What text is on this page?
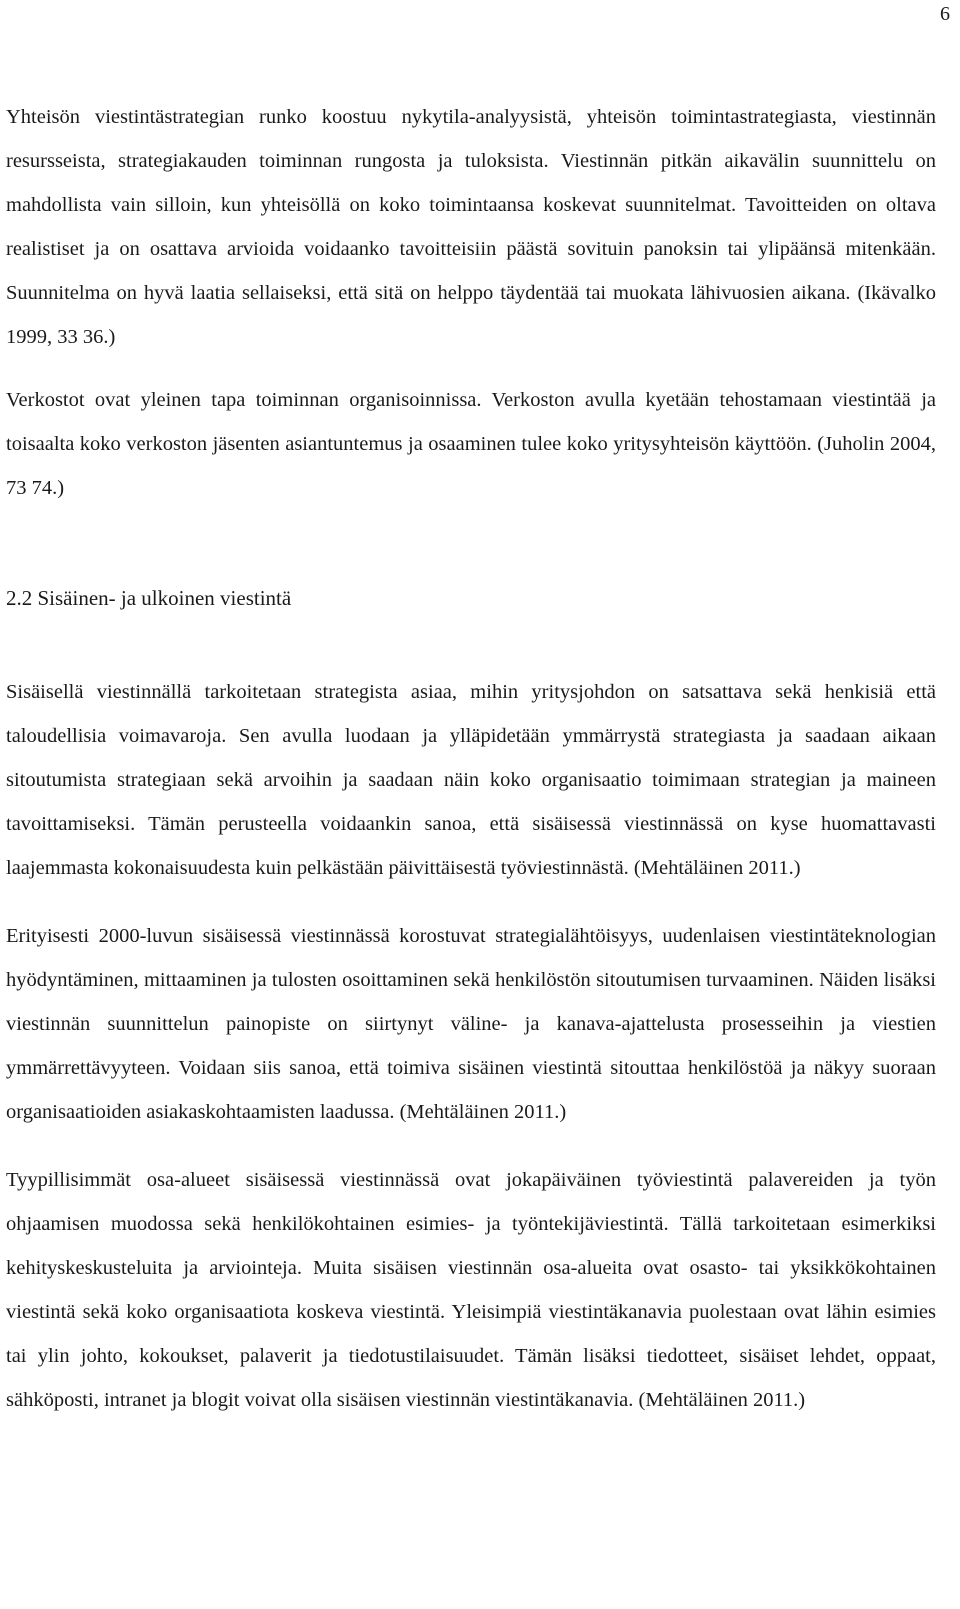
6

Yhteisön viestintästrategian runko koostuu nykytila-analyysistä, yhteisön toimintastrategiasta, viestinnän resursseista, strategiakauden toiminnan rungosta ja tuloksista. Viestinnän pitkän aikavälin suunnittelu on mahdollista vain silloin, kun yhteisöllä on koko toimintaansa koskevat suunnitelmat. Tavoitteiden on oltava realistiset ja on osattava arvioida voidaanko tavoitteisiin päästä sovituin panoksin tai ylipäänsä mitenkään. Suunnitelma on hyvä laatia sellaiseksi, että sitä on helppo täydentää tai muokata lähivuosien aikana. (Ikävalko 1999, 33 36.)

Verkostot ovat yleinen tapa toiminnan organisoinnissa. Verkoston avulla kyetään tehostamaan viestintää ja toisaalta koko verkoston jäsenten asiantuntemus ja osaaminen tulee koko yritysyhteisön käyttöön. (Juholin 2004, 73 74.)

2.2 Sisäinen- ja ulkoinen viestintä

Sisäisellä viestinnällä tarkoitetaan strategista asiaa, mihin yritysjohdon on satsattava sekä henkisiä että taloudellisia voimavaroja. Sen avulla luodaan ja ylläpidetään ymmärrystä strategiasta ja saadaan aikaan sitoutumista strategiaan sekä arvoihin ja saadaan näin koko organisaatio toimimaan strategian ja maineen tavoittamiseksi. Tämän perusteella voidaankin sanoa, että sisäisessä viestinnässä on kyse huomattavasti laajemmasta kokonaisuudesta kuin pelkästään päivittäisestä työviestinnästä. (Mehtäläinen 2011.)

Erityisesti 2000-luvun sisäisessä viestinnässä korostuvat strategialähtöisyys, uudenlaisen viestintäteknologian hyödyntäminen, mittaaminen ja tulosten osoittaminen sekä henkilöstön sitoutumisen turvaaminen. Näiden lisäksi viestinnän suunnittelun painopiste on siirtynyt väline- ja kanava-ajattelusta prosesseihin ja viestien ymmärrettävyyteen. Voidaan siis sanoa, että toimiva sisäinen viestintä sitouttaa henkilöstöä ja näkyy suoraan organisaatioiden asiakaskohtaamisten laadussa. (Mehtäläinen 2011.)

Tyypillisimmät osa-alueet sisäisessä viestinnässä ovat jokapäiväinen työviestintä palavereiden ja työn ohjaamisen muodossa sekä henkilökohtainen esimies- ja työntekijäviestintä. Tällä tarkoitetaan esimerkiksi kehityskeskusteluita ja arviointeja. Muita sisäisen viestinnän osa-alueita ovat osasto- tai yksikkökohtainen viestintä sekä koko organisaatiota koskeva viestintä. Yleisimpiä viestintäkanavia puolestaan ovat lähin esimies tai ylin johto, kokoukset, palaverit ja tiedotustilaisuudet. Tämän lisäksi tiedotteet, sisäiset lehdet, oppaat, sähköposti, intranet ja blogit voivat olla sisäisen viestinnän viestintäkanavia. (Mehtäläinen 2011.)
